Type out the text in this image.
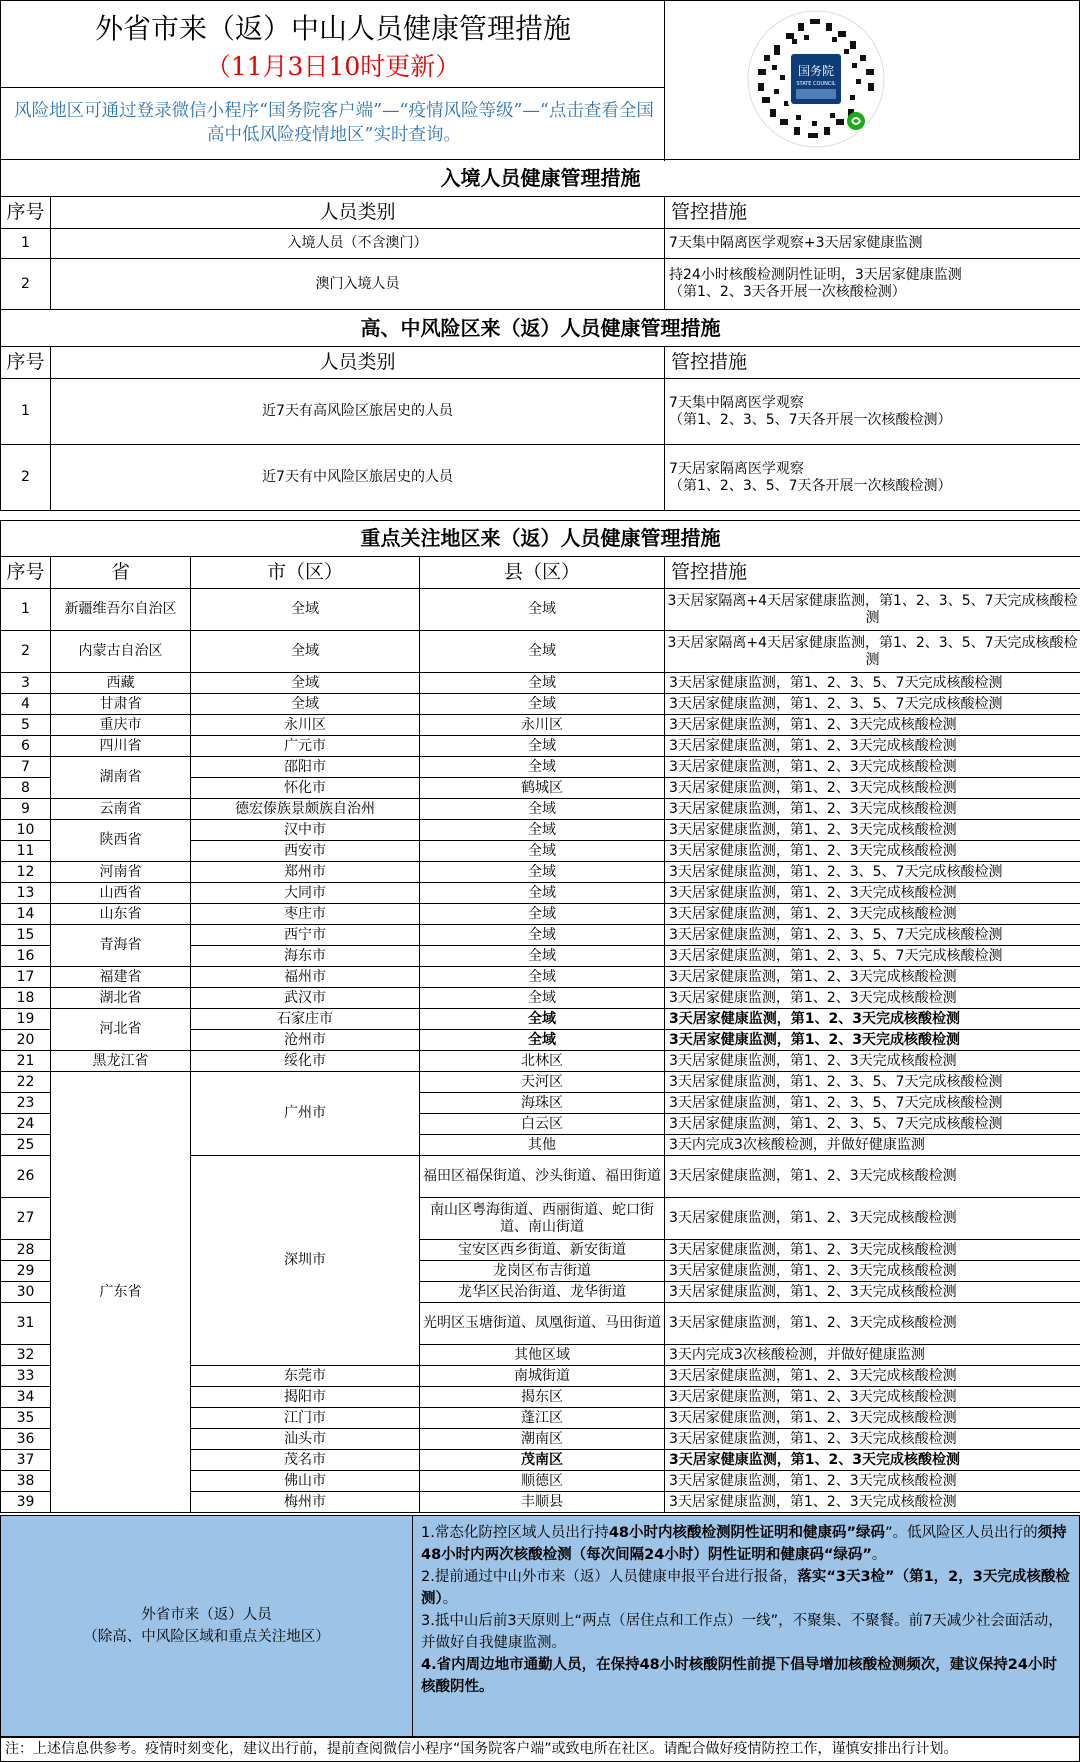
外省市来（返）中山人员健康管理措施
（11月3日10时更新）
风险地区可通过登录微信小程序“国务院客户端”—“疫情风险等级”—“点击查看全国高中低风险疫情地区”实时查询。
国务院
STATE COUNCIL
入境人员健康管理措施		
序号	人员类别	管控措施
1	入境人员（不含澳门）	7天集中隔离医学观察+3天居家健康监测
2	澳门入境人员	持24小时核酸检测阴性证明，3天居家健康监测
（第1、2、3天各开展一次核酸检测）

高、中风险区来（返）人员健康管理措施		
序号	人员类别	管控措施
1	近7天有高风险区旅居史的人员	7天集中隔离医学观察
（第1、2、3、5、7天各开展一次核酸检测）

2	近7天有中风险区旅居史的人员	7天居家隔离医学观察
（第1、2、3、5、7天各开展一次核酸检测）
重点关注地区来（返）人员健康管理措施				
序号	省	市（区）	县（区）	管控措施
1	新疆维吾尔自治区	全域	全域	3天居家隔离+4天居家健康监测，第1、2、3、5、7天完成核酸检测
2	内蒙古自治区	全域	全域	3天居家隔离+4天居家健康监测，第1、2、3、5、7天完成核酸检测
3	西藏	全域	全域	3天居家健康监测，第1、2、3、5、7天完成核酸检测
4	甘肃省	全域	全域	3天居家健康监测，第1、2、3、5、7天完成核酸检测
5	重庆市	永川区	永川区	3天居家健康监测，第1、2、3天完成核酸检测
6	四川省	广元市	全域	3天居家健康监测，第1、2、3天完成核酸检测
7	湖南省	邵阳市	全域	3天居家健康监测，第1、2、3天完成核酸检测
8		怀化市	鹤城区	3天居家健康监测，第1、2、3天完成核酸检测
9	云南省	德宏傣族景颇族自治州	全域	3天居家健康监测，第1、2、3天完成核酸检测
10	陕西省	汉中市	全域	3天居家健康监测，第1、2、3天完成核酸检测
11		西安市	全域	3天居家健康监测，第1、2、3天完成核酸检测
12	河南省	郑州市	全域	3天居家健康监测，第1、2、3、5、7天完成核酸检测
13	山西省	大同市	全域	3天居家健康监测，第1、2、3天完成核酸检测
14	山东省	枣庄市	全域	3天居家健康监测，第1、2、3天完成核酸检测
15	青海省	西宁市	全域	3天居家健康监测，第1、2、3、5、7天完成核酸检测
16		海东市	全域	3天居家健康监测，第1、2、3、5、7天完成核酸检测
17	福建省	福州市	全域	3天居家健康监测，第1、2、3天完成核酸检测
18	湖北省	武汉市	全域	3天居家健康监测，第1、2、3天完成核酸检测
19	河北省	石家庄市	全域	3天居家健康监测，第1、2、3天完成核酸检测
20		沧州市	全域	3天居家健康监测，第1、2、3天完成核酸检测
21	黑龙江省	绥化市	北林区	3天居家健康监测，第1、2、3天完成核酸检测
22	广东省	广州市	天河区	3天居家健康监测，第1、2、3、5、7天完成核酸检测
23			海珠区	3天居家健康监测，第1、2、3、5、7天完成核酸检测
24			白云区	3天居家健康监测，第1、2、3、5、7天完成核酸检测
25			其他	3天内完成3次核酸检测，并做好健康监测
26		深圳市	福田区福保街道、沙头街道、福田街道	3天居家健康监测，第1、2、3天完成核酸检测
27			南山区粤海街道、西丽街道、蛇口街道、南山街道	3天居家健康监测，第1、2、3天完成核酸检测
28			宝安区西乡街道、新安街道	3天居家健康监测，第1、2、3天完成核酸检测
29			龙岗区布吉街道	3天居家健康监测，第1、2、3天完成核酸检测
30			龙华区民治街道、龙华街道	3天居家健康监测，第1、2、3天完成核酸检测
31			光明区玉塘街道、凤凰街道、马田街道	3天居家健康监测，第1、2、3天完成核酸检测
32			其他区域	3天内完成3次核酸检测，并做好健康监测
33		东莞市	南城街道	3天居家健康监测，第1、2、3天完成核酸检测
34		揭阳市	揭东区	3天居家健康监测，第1、2、3天完成核酸检测
35		江门市	蓬江区	3天居家健康监测，第1、2、3天完成核酸检测
36		汕头市	潮南区	3天居家健康监测，第1、2、3天完成核酸检测
37		茂名市	茂南区	3天居家健康监测，第1、2、3天完成核酸检测
38		佛山市	顺德区	3天居家健康监测，第1、2、3天完成核酸检测
39		梅州市	丰顺县	3天居家健康监测，第1、2、3天完成核酸检测
外省市来（返）人员
（除高、中风险区域和重点关注地区）
1.常态化防控区域人员出行持48小时内核酸检测阴性证明和健康码”绿码”。低风险区人员出行的须持48小时内两次核酸检测（每次间隔24小时）阴性证明和健康码“绿码”。
2.提前通过中山外市来（返）人员健康申报平台进行报备，落实“3天3检”（第1，2，3天完成核酸检测）。
3.抵中山后前3天原则上“两点（居住点和工作点）一线”，不聚集、不聚餐。前7天减少社会面活动，并做好自我健康监测。
4.省内周边地市通勤人员，在保持48小时核酸阴性前提下倡导增加核酸检测频次，建议保持24小时核酸阴性。
注：上述信息供参考。疫情时刻变化，建议出行前，提前查阅微信小程序“国务院客户端”或致电所在社区。请配合做好疫情防控工作，谨慎安排出行计划。
